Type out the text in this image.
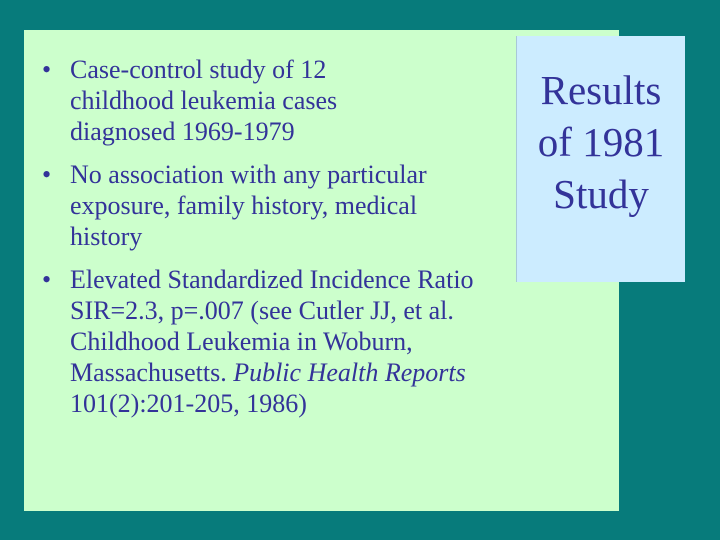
• Case-control study of 12
childhood leukemia cases
diagnosed 1969-1979
• No association with any particular
exposure, family history, medical
history
• Elevated Standardized Incidence Ratio
SIR=2.3, p=.007 (see Cutler JJ, et al.
Childhood Leukemia in Woburn,
Massachusetts. Public Health Reports
101(2):201-205, 1986)
Results
of 1981
Study
